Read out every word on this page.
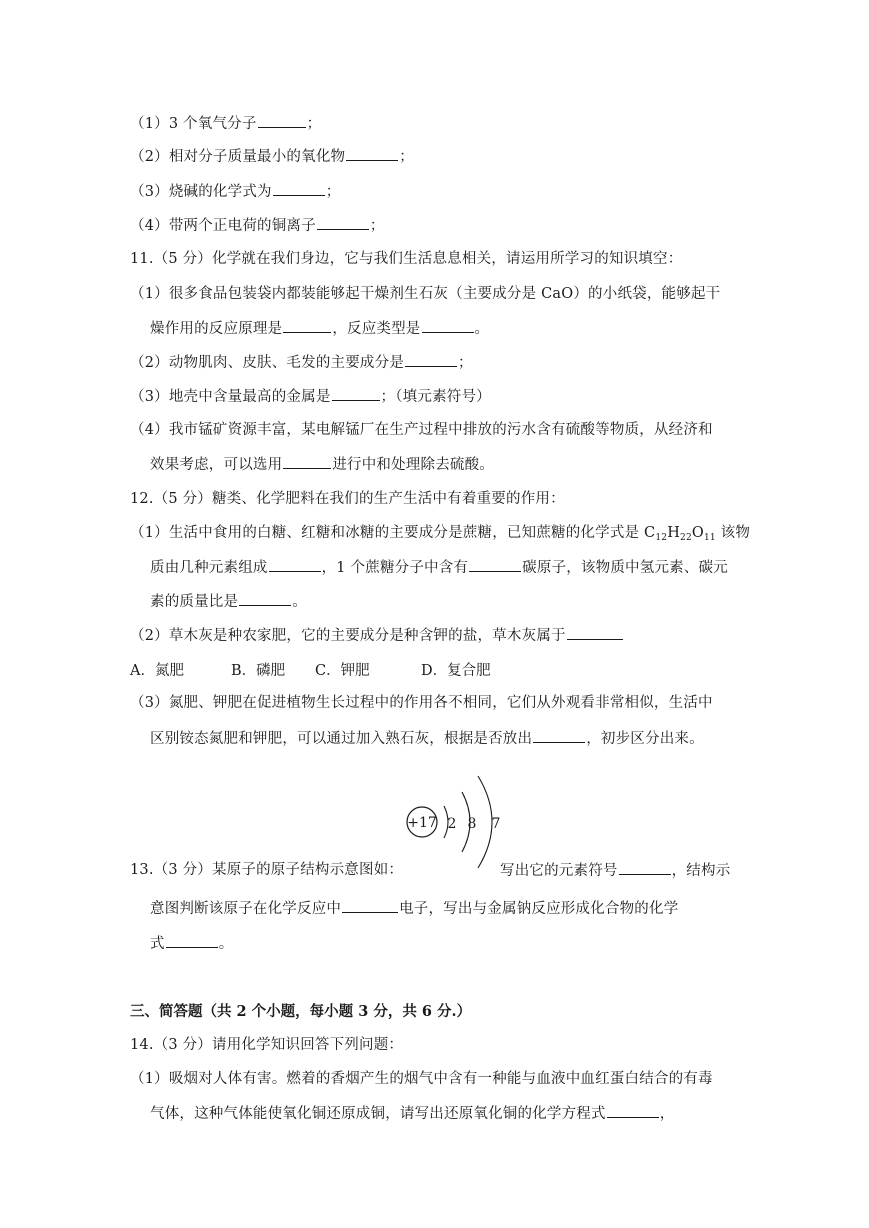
（1）3 个氧气分子	；
（2）相对分子质量最小的氧化物	；
（3）烧碱的化学式为	；
（4）带两个正电荷的铜离子	；
11.（5 分）化学就在我们身边，它与我们生活息息相关，请运用所学习的知识填空：
（1）很多食品包装袋内都装能够起干燥剂生石灰（主要成分是 CaO）的小纸袋，能够起干
燥作用的反应原理是	，反应类型是	。
（2）动物肌肉、皮肤、毛发的主要成分是	；
（3）地壳中含量最高的金属是	；（填元素符号）
（4）我市锰矿资源丰富，某电解锰厂在生产过程中排放的污水含有硫酸等物质，从经济和
效果考虑，可以选用	进行中和处理除去硫酸。
12.（5 分）糖类、化学肥料在我们的生产生活中有着重要的作用：
（1）生活中食用的白糖、红糖和冰糖的主要成分是蔗糖，已知蔗糖的化学式是 $C_{12}H_{22}O_{11}$ 该物
质由几种元素组成	，1 个蔗糖分子中含有	碳原子，该物质中氢元素、碳元
素的质量比是	。
（2）草木灰是种农家肥，它的主要成分是种含钾的盐，草木灰属于
A．氮肥	B．磷肥 C．钾肥	D．复合肥
（3）氮肥、钾肥在促进植物生长过程中的作用各不相同，它们从外观看非常相似，生活中
区别铵态氮肥和钾肥，可以通过加入熟石灰，根据是否放出	，初步区分出来。
+17 2 8 7
13.（3 分）某原子的原子结构示意图如：	写出它的元素符号	，结构示
意图判断该原子在化学反应中	电子，写出与金属钠反应形成化合物的化学
式	。
三、简答题（共 2 个小题，每小题 3 分，共 6 分.）
14.（3 分）请用化学知识回答下列问题：
（1）吸烟对人体有害。燃着的香烟产生的烟气中含有一种能与血液中血红蛋白结合的有毒
气体，这种气体能使氧化铜还原成铜，请写出还原氧化铜的化学方程式	，
